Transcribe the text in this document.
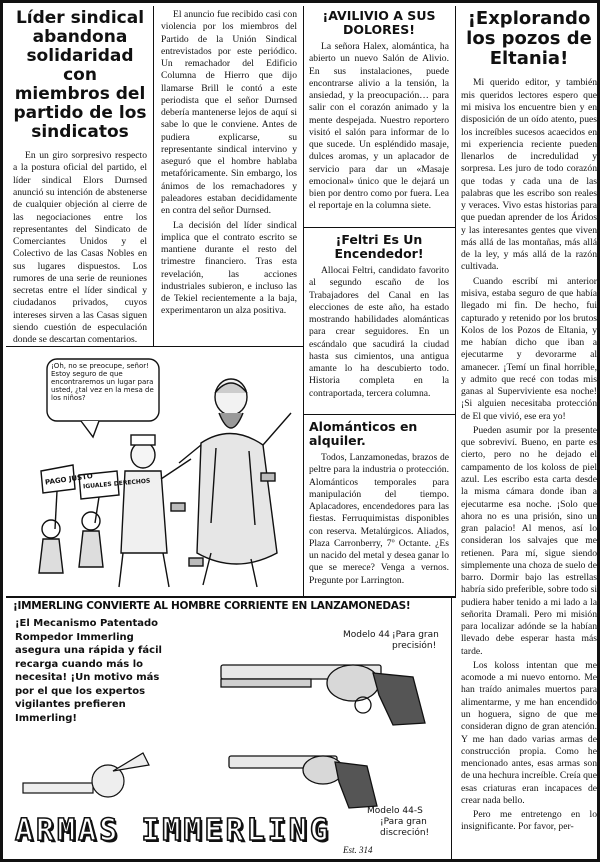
Líder sindical abandona solidaridad con miembros del partido de los sindicatos

En un giro sorpresivo respecto a la postura oficial del partido, el líder sindical Elors Durnsed anunció su intención de abstenerse de cualquier objeción al cierre de las negociaciones entre los representantes del Sindicato de Comerciantes Unidos y el Colectivo de las Casas Nobles en sus lugares dispuestos. Los rumores de una serie de reuniones secretas entre el líder sindical y ciudadanos privados, cuyos intereses sirven a las Casas siguen siendo cuestión de especulación donde se descartan comentarios.

El anuncio fue recibido casi con violencia por los miembros del Partido de la Unión Sindical entrevistados por este periódico. Un remachador del Edificio Columna de Hierro que dijo llamarse Brill le contó a este periodista que el señor Durnsed debería mantenerse lejos de aquí si sabe lo que le conviene. Antes de pudiera explicarse, su representante sindical intervino y aseguró que el hombre hablaba metafóricamente. Sin embargo, los ánimos de los remachadores y paleadores estaban decididamente en contra del señor Durnsed.

La decisión del líder sindical implica que el contrato escrito se mantiene durante el resto del trimestre financiero. Tras esta revelación, las acciones industriales subieron, e incluso las de Tekiel recientemente a la baja, experimentaron un alza positiva.

¡AVILIVIO A SUS DOLORES!

La señora Halex, alomántica, ha abierto un nuevo Salón de Alivio. En sus instalaciones, puede encontrarse alivio a la tensión, la ansiedad, y la preocupación… para salir con el corazón animado y la mente despejada. Nuestro reportero visitó el salón para informar de lo que sucede. Un espléndido masaje, dulces aromas, y un aplacador de servicio para dar un «Masaje emocional» único que le dejará un bien por dentro como por fuera. Lea el reportaje en la columna siete.

¡Feltri Es Un Encendedor!

Allocai Feltri, candidato favorito al segundo escaño de los Trabajadores del Canal en las elecciones de este año, ha estado mostrando habilidades alománticas para crear seguidores. En un escándalo que sacudirá la ciudad hasta sus cimientos, una antigua amante lo ha descubierto todo. Historia completa en la contraportada, tercera columna.

Alománticos en alquiler.

Todos, Lanzamonedas, brazos de peltre para la industria o protección. Alománticos temporales para manipulación del tiempo. Aplacadores, encendedores para las fiestas. Ferruquimistas disponibles con reserva. Metalúrgicos. Aliados, Plaza Carronberry, 7º Octante. ¿Es un nacido del metal y desea ganar lo que se merece? Venga a vernos. Pregunte por Larrington.

¡Explorando los pozos de Eltania!

Mi querido editor, y también mis queridos lectores espero que mi misiva los encuentre bien y en disposición de un oído atento, pues los increíbles sucesos acaecidos en mi experiencia reciente pueden llenarlos de incredulidad y sorpresa. Les juro de todo corazón que todas y cada una de las palabras que les escribo son reales y veraces. Vivo estas historias para que puedan aprender de los Áridos y las interesantes gentes que viven más allá de las montañas, más allá de la ley, y más allá de la razón cultivada.

Cuando escribí mi anterior misiva, estaba seguro de que había llegado mi fin. De hecho, fui capturado y retenido por los brutos Kolos de los Pozos de Eltania, y me habían dicho que iban a ejecutarme y devorarme al amanecer. ¡Temí un final horrible, y admito que recé con todas mis ganas al Superviviente esa noche! ¡Si alguien necesitaba protección de El que vivió, ese era yo!

Pueden asumir por la presente que sobreviví. Bueno, en parte es cierto, pero no he dejado el campamento de los koloss de piel azul. Les escribo esta carta desde la misma cámara donde iban a ejecutarme esa noche. ¡Solo que ahora no es una prisión, sino un gran palacio! Al menos, así lo consideran los salvajes que me retienen. Para mí, sigue siendo simplemente una choza de suelo de barro. Dormir bajo las estrellas habría sido preferible, sobre todo si pudiera haber tenido a mi lado a la señorita Dramali. Pero mi misión para localizar adónde se la habían llevado debe esperar hasta más tarde.

Los koloss intentan que me acomode a mi nuevo entorno. Me han traído animales muertos para alimentarme, y me han encendido un hoguera, signo de que me consideran digno de gran atención. Y me han dado varias armas de construcción propia. Como he mencionado antes, esas armas son de una hechura increíble. Creía que esas criaturas eran incapaces de crear nada bello.

Pero me entretengo en lo insignificante. Por favor, per-

¡Oh, no se preocupe, señor! Estoy seguro de que encontraremos un lugar para usted, ¿tal vez en la mesa de los niños?
PAGO JUSTO
IGUALES DERECHOS
¡IMMERLING CONVIERTE AL HOMBRE CORRIENTE EN LANZAMONEDAS!
¡El Mecanismo Patentado Rompedor Immerling asegura una rápida y fácil recarga cuando más lo necesita! ¡Un motivo más por el que los expertos vigilantes prefieren Immerling!
Modelo 44 ¡Para gran precisión!
Modelo 44-S
¡Para gran discreción!
ARMAS IMMERLING
Est. 314
